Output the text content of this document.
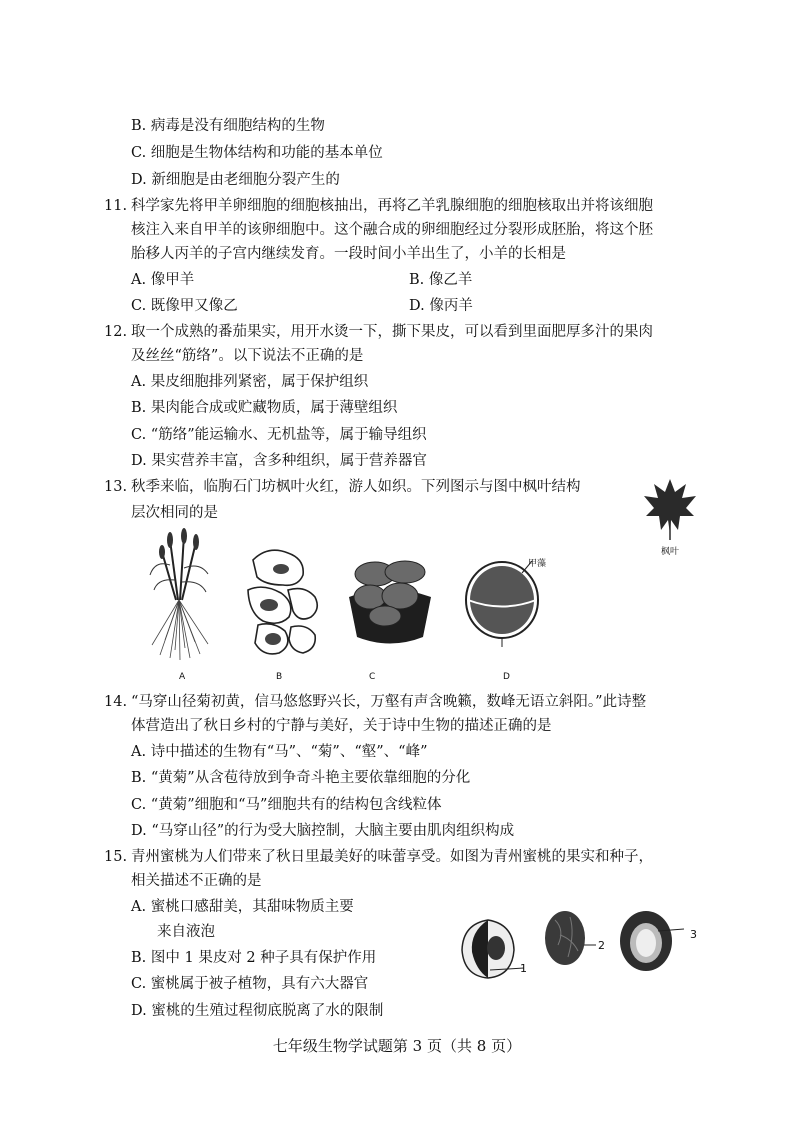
B. 病毒是没有细胞结构的生物
C. 细胞是生物体结构和功能的基本单位
D. 新细胞是由老细胞分裂产生的
11. 科学家先将甲羊卵细胞的细胞核抽出，再将乙羊乳腺细胞的细胞核取出并将该细胞
核注入来自甲羊的该卵细胞中。这个融合成的卵细胞经过分裂形成胚胎，将这个胚
胎移人丙羊的子宫内继续发育。一段时间小羊出生了，小羊的长相是
A. 像甲羊	B. 像乙羊
C. 既像甲又像乙	D. 像丙羊
12. 取一个成熟的番茄果实，用开水烫一下，撕下果皮，可以看到里面肥厚多汁的果肉
及丝丝“筋络”。以下说法不正确的是
A. 果皮细胞排列紧密，属于保护组织
B. 果肉能合成或贮藏物质，属于薄壁组织
C. “筋络”能运输水、无机盐等，属于输导组织
D. 果实营养丰富，含多种组织，属于营养器官
13. 秋季来临，临朐石门坊枫叶火红，游人如织。下列图示与图中枫叶结构
层次相同的是
枫叶
A	B	C
甲藻
D
14. “马穿山径菊初黄，信马悠悠野兴长，万壑有声含晚籁，数峰无语立斜阳。”此诗整
体营造出了秋日乡村的宁静与美好，关于诗中生物的描述正确的是
A. 诗中描述的生物有“马”、“菊”、“壑”、“峰”
B. “黄菊”从含苞待放到争奇斗艳主要依靠细胞的分化
C. “黄菊”细胞和“马”细胞共有的结构包含线粒体
D. “马穿山径”的行为受大脑控制，大脑主要由肌肉组织构成
15. 青州蜜桃为人们带来了秋日里最美好的味蕾享受。如图为青州蜜桃的果实和种子，
相关描述不正确的是
A. 蜜桃口感甜美，其甜味物质主要
来自液泡
B. 图中 1 果皮对 2 种子具有保护作用
C. 蜜桃属于被子植物，具有六大器官
D. 蜜桃的生殖过程彻底脱离了水的限制
1
2
3
七年级生物学试题第 3 页（共 8 页）
